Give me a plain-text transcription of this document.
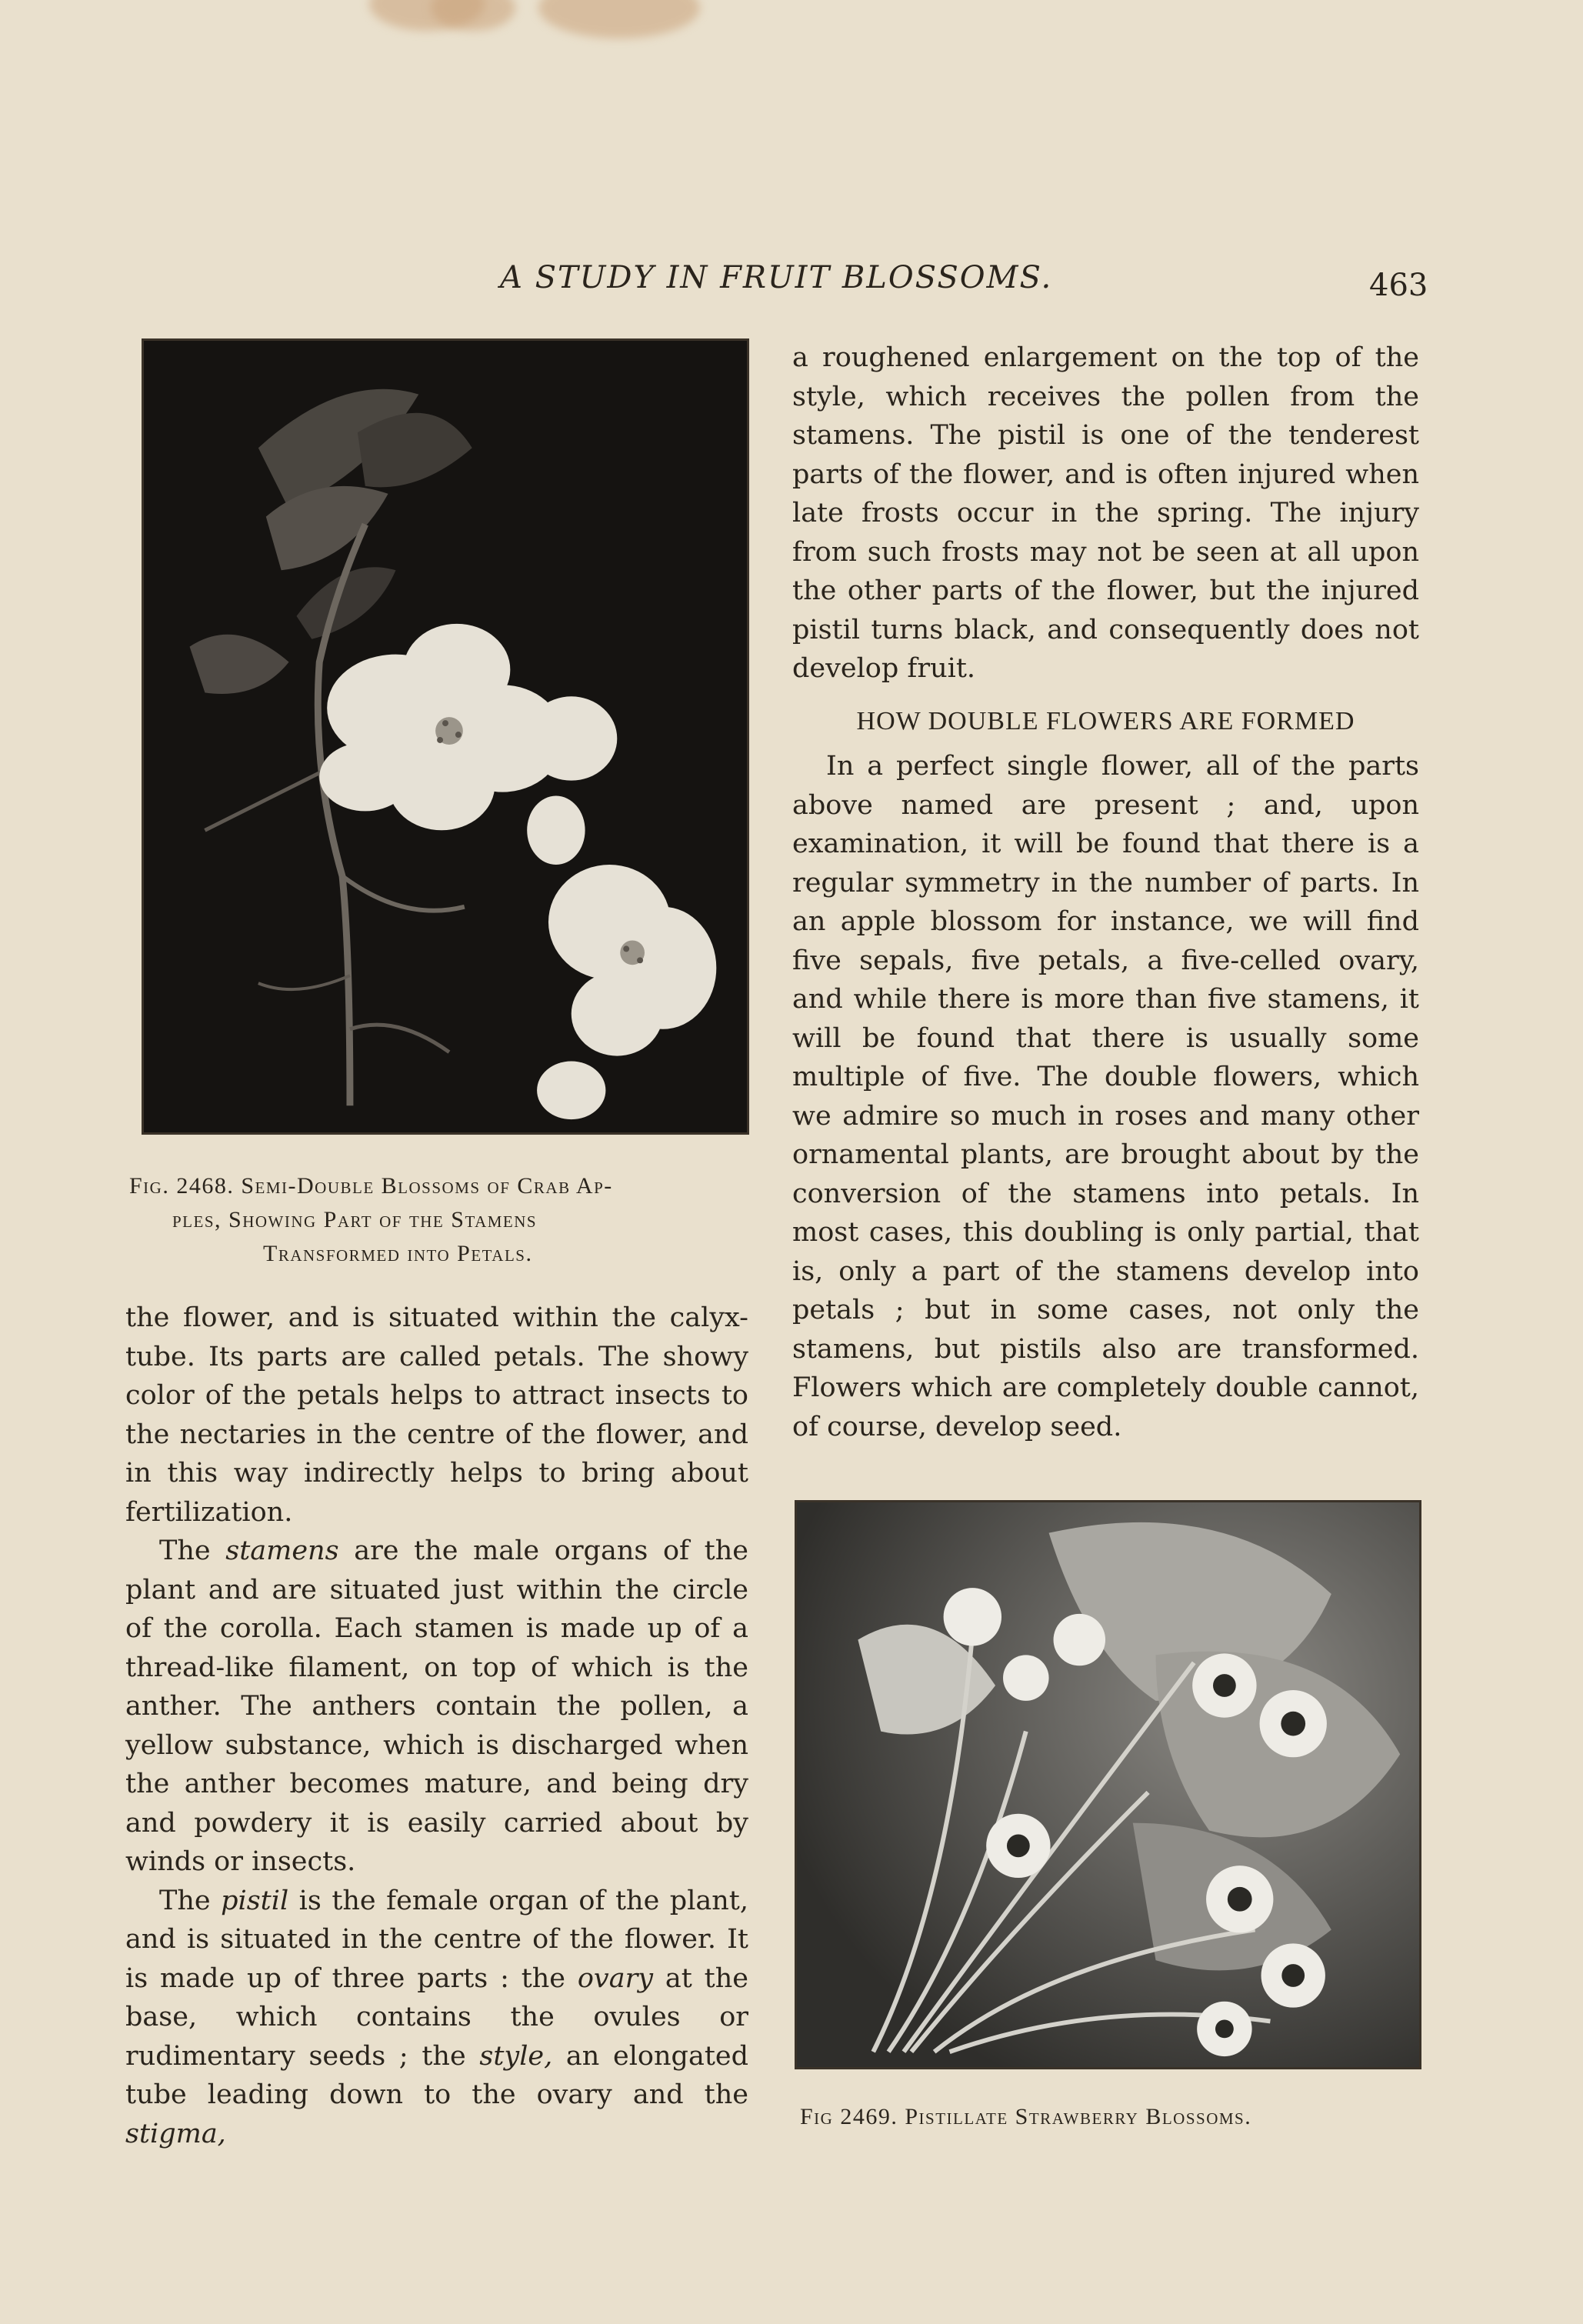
A STUDY IN FRUIT BLOSSOMS.	463
Fig. 2468. Semi-Double Blossoms of Crab Ap-
ples, Showing Part of the Stamens
Transformed into Petals.

the flower, and is situated within the calyx-tube. Its parts are called petals. The showy color of the petals helps to attract insects to the nectaries in the centre of the flower, and in this way indirectly helps to bring about fertilization.

The stamens are the male organs of the plant and are situated just within the circle of the corolla. Each stamen is made up of a thread-like filament, on top of which is the anther. The anthers contain the pollen, a yellow substance, which is discharged when the anther becomes mature, and being dry and powdery it is easily carried about by winds or insects.

The pistil is the female organ of the plant, and is situated in the centre of the flower. It is made up of three parts : the ovary at the base, which contains the ovules or rudimentary seeds ; the style, an elongated tube leading down to the ovary and the stigma,

a roughened enlargement on the top of the style, which receives the pollen from the stamens. The pistil is one of the tenderest parts of the flower, and is often injured when late frosts occur in the spring. The injury from such frosts may not be seen at all upon the other parts of the flower, but the injured pistil turns black, and consequently does not develop fruit.

HOW DOUBLE FLOWERS ARE FORMED

In a perfect single flower, all of the parts above named are present ; and, upon examination, it will be found that there is a regular symmetry in the number of parts. In an apple blossom for instance, we will find five sepals, five petals, a five-celled ovary, and while there is more than five stamens, it will be found that there is usually some multiple of five. The double flowers, which we admire so much in roses and many other ornamental plants, are brought about by the conversion of the stamens into petals. In most cases, this doubling is only partial, that is, only a part of the stamens develop into petals ; but in some cases, not only the stamens, but pistils also are transformed. Flowers which are completely double cannot, of course, develop seed.

Fig 2469. Pistillate Strawberry Blossoms.
